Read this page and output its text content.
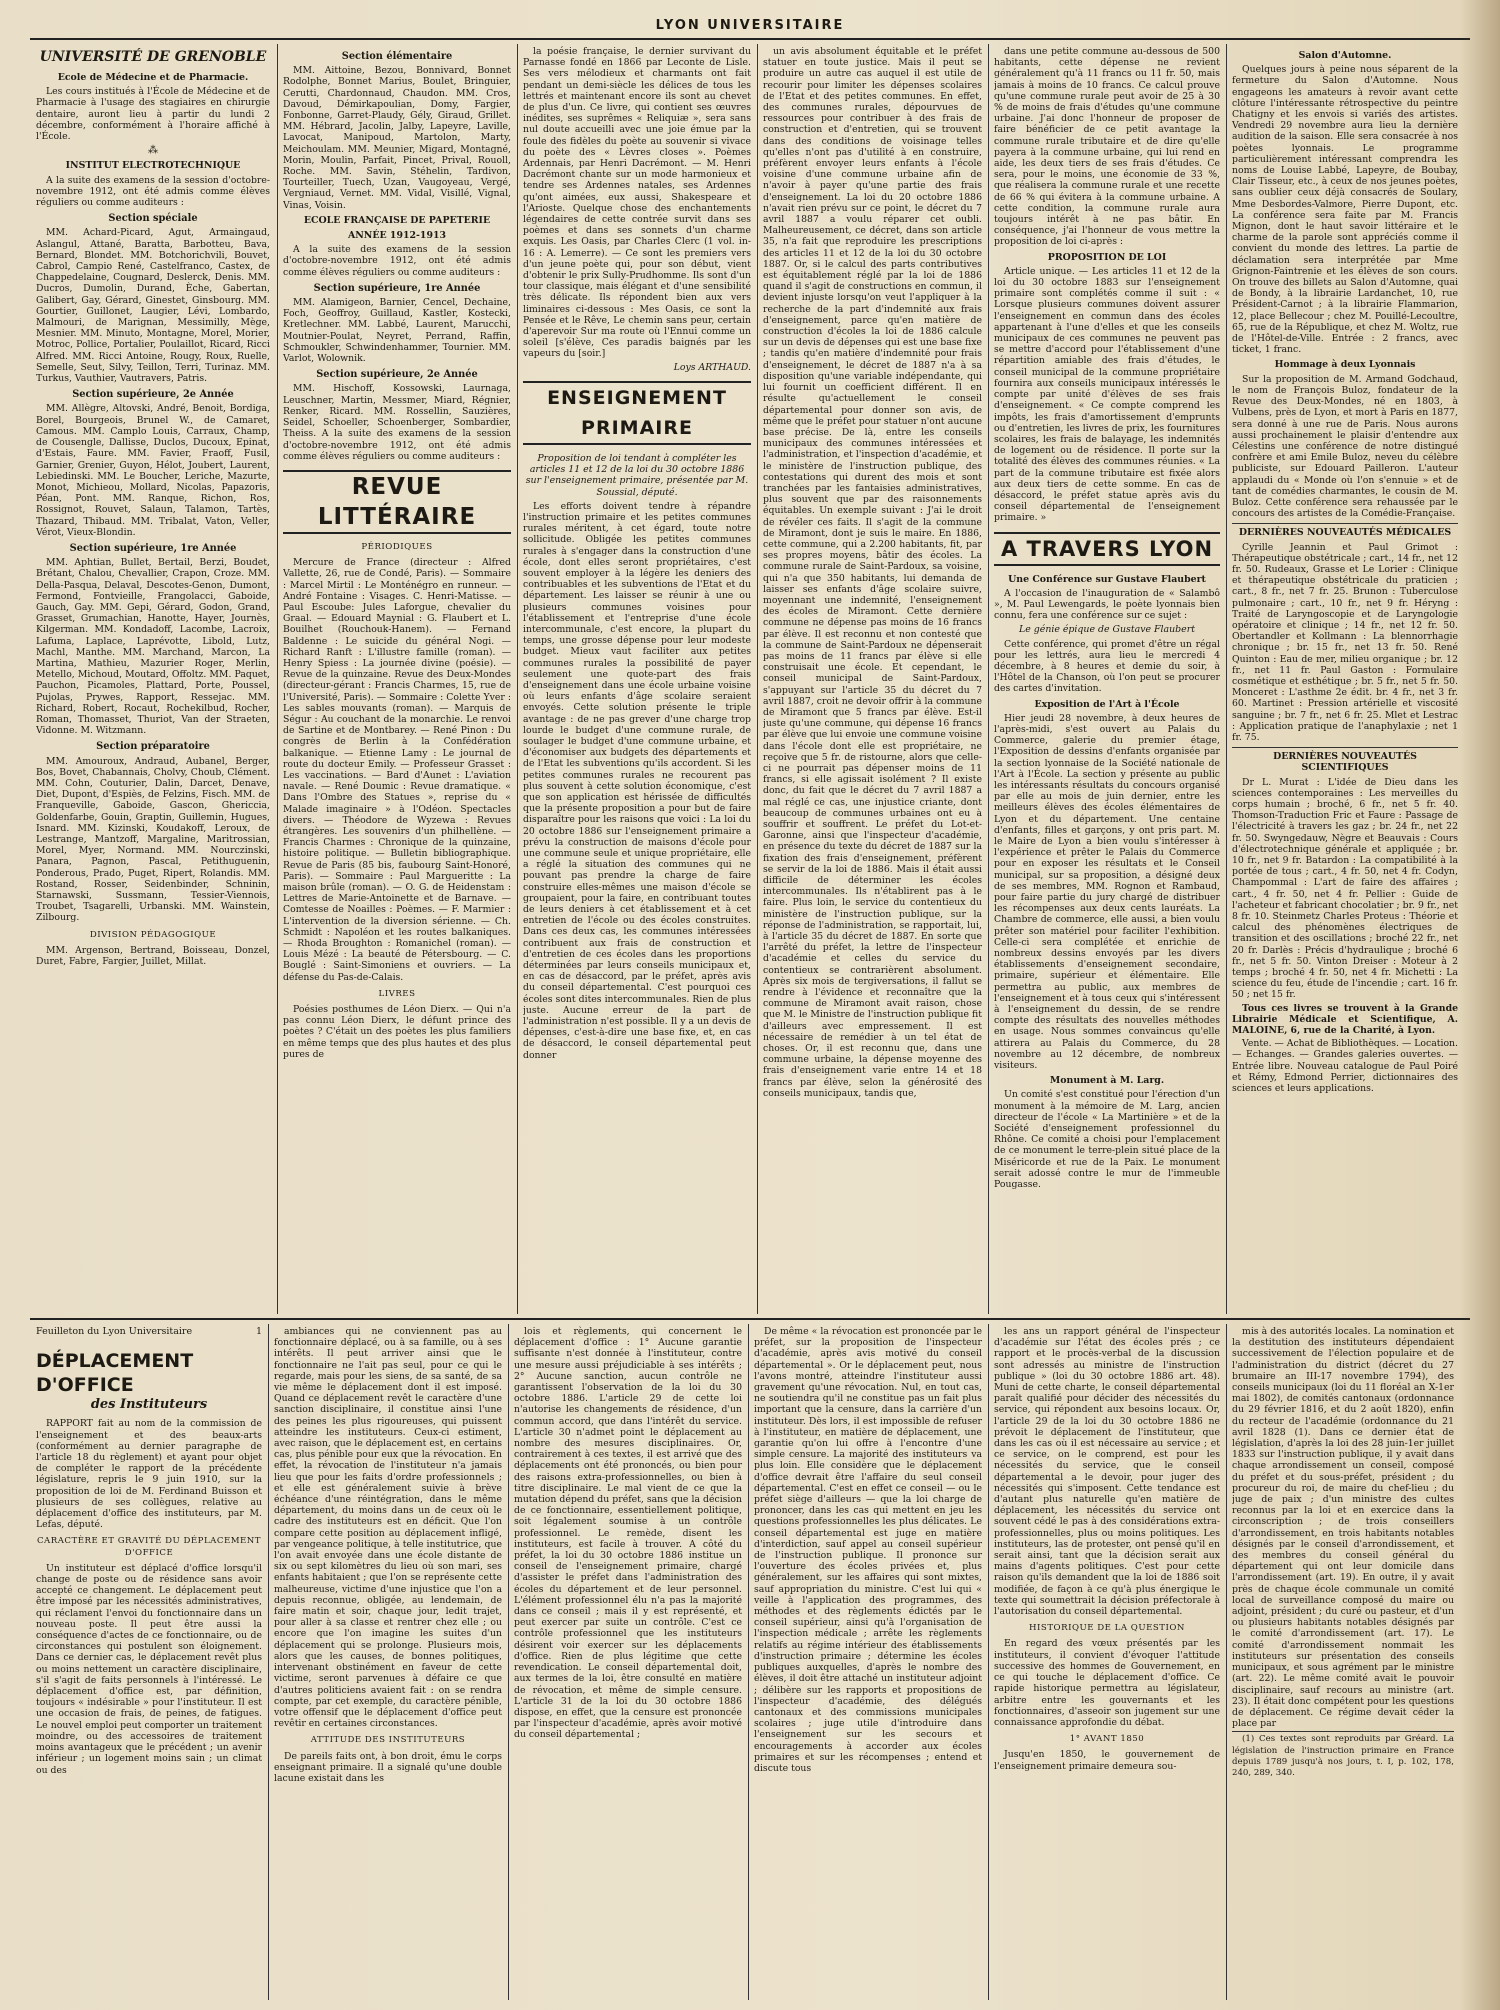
LYON UNIVERSITAIRE
UNIVERSITÉ DE GRENOBLE
Ecole de Médecine et de Pharmacie.

Les cours institués à l'École de Médecine et de Pharmacie à l'usage des stagiaires en chirurgie dentaire, auront lieu à partir du lundi 2 décembre, conformément à l'horaire affiché à l'École.

⁂
INSTITUT ELECTROTECHNIQUE

A la suite des examens de la session d'octobre-novembre 1912, ont été admis comme élèves réguliers ou comme auditeurs :

Section spéciale

MM. Achard-Picard, Agut, Armaingaud, Aslangul, Attané, Baratta, Barbotteu, Bava, Bernard, Blondet. MM. Botchorichvili, Bouvet, Cabrol, Campio René, Castelfranco, Castex, de Chappedelaine, Cougnard, Deslerck, Denis. MM. Ducros, Dumolin, Durand, Èche, Gabertan, Galibert, Gay, Gérard, Ginestet, Ginsbourg. MM. Gourtier, Guillonet, Laugier, Lévi, Lombardo, Malmouri, de Marignan, Messimilly, Mège, Mesnier. MM. Minuto, Montagne, Morel, Morier, Motroc, Pollice, Portalier, Poulaillot, Ricard, Ricci Alfred. MM. Ricci Antoine, Rougy, Roux, Ruelle, Semelle, Seut, Silvy, Teillon, Terri, Turinaz. MM. Turkus, Vauthier, Vautravers, Patris.

Section supérieure, 2e Année

MM. Allègre, Altovski, André, Benoit, Bordiga, Borel, Bourgeois, Brunel W., de Camaret, Camous. MM. Camplo Louis, Carraux, Champ, de Cousengle, Dallisse, Duclos, Ducoux, Epinat, d'Estais, Faure. MM. Favier, Fraoff, Fusil, Garnier, Grenier, Guyon, Hélot, Joubert, Laurent, Lebiedinski. MM. Le Boucher, Leriche, Mazurte, Monot, Michieou, Mollard, Nicolas, Papazoris, Péan, Pont. MM. Ranque, Richon, Ros, Rossignot, Rouvet, Salaun, Talamon, Tartès, Thazard, Thibaud. MM. Tribalat, Vaton, Veller, Vérot, Vieux-Blondin.

Section supérieure, 1re Année

MM. Aphtian, Bullet, Bertail, Berzi, Boudet, Brétant, Chalou, Chevallier, Crapon, Croze. MM. Della-Pasqua, Delaval, Descotes-Genon, Dumont, Fermond, Fontvieille, Frangolacci, Gaboide, Gauch, Gay. MM. Gepi, Gérard, Godon, Grand, Grasset, Grumachian, Hanotte, Hayer, Journès, Kilgerman. MM. Kondadoff, Lacombe, Lacroix, Lafuma, Laplace, Laprévotte, Libold, Lutz, Machl, Manthe. MM. Marchand, Marcon, La Martina, Mathieu, Mazurier Roger, Merlin, Metello, Michoud, Moutard, Offoltz. MM. Paquet, Pauchon, Picamoles, Plattard, Porte, Poussel, Pujolas, Prywes, Rapport, Ressejac. MM. Richard, Robert, Rocaut, Rochekilbud, Rocher, Roman, Thomasset, Thuriot, Van der Straeten, Vidonne. M. Witzmann.

Section préparatoire

MM. Amouroux, Andraud, Aubanel, Berger, Bos, Bovet, Chabannais, Cholvy, Choub, Clément. MM. Cohn, Couturier, Dalin, Darcet, Denave, Diet, Dupont, d'Espiès, de Felzins, Fisch. MM. de Franqueville, Gaboide, Gascon, Ghericcia, Goldenfarbe, Gouin, Graptin, Guillemin, Hugues, Isnard. MM. Kizinski, Koudakoff, Leroux, de Lestrange, Mantzoff, Margaline, Maritrossian, Morel, Myer, Normand. MM. Nourczinski, Panara, Pagnon, Pascal, Petithuguenin, Ponderous, Prado, Puget, Ripert, Rolandis. MM. Rostand, Rosser, Seidenbinder, Schninin, Starnawski, Sussmann, Tessier-Viennois, Troubet, Tsagarelli, Urbanski. MM. Wainstein, Zilbourg.

DIVISION PÉDAGOGIQUE

MM. Argenson, Bertrand, Boisseau, Donzel, Duret, Fabre, Fargier, Juillet, Millat.

Section élémentaire

MM. Aittoine, Bezou, Bonnivard, Bonnet Rodolphe, Bonnet Marius, Boulet, Bringuier, Cerutti, Chardonnaud, Chaudon. MM. Cros, Davoud, Démirkapoulian, Domy, Fargier, Fonbonne, Garret-Plaudy, Gély, Giraud, Grillet. MM. Hébrard, Jacolin, Jalby, Lapeyre, Laville, Lavocat, Manipoud, Martolon, Marty, Meichoulam. MM. Meunier, Migard, Montagné, Morin, Moulin, Parfait, Pincet, Prival, Rouoll, Roche. MM. Savin, Stéhelin, Tardivon, Tourteiller, Tuech, Uzan, Vaugoyeau, Vergé, Vergniaud, Vernet. MM. Vidal, Visillé, Vignal, Vinas, Voisin.

ECOLE FRANÇAISE DE PAPETERIE
ANNÉE 1912-1913

A la suite des examens de la session d'octobre-novembre 1912, ont été admis comme élèves réguliers ou comme auditeurs :

Section supérieure, 1re Année

MM. Alamigeon, Barnier, Cencel, Dechaine, Foch, Geoffroy, Guillaud, Kastler, Kostecki, Kretlechner. MM. Labbé, Laurent, Marucchi, Moutnier-Poulat, Neyret, Perrand, Raffin, Schmoukler, Schwindenhammer, Tournier. MM. Varlot, Wolownik.

Section supérieure, 2e Année

MM. Hischoff, Kossowski, Laurnaga, Leuschner, Martin, Messmer, Miard, Régnier, Renker, Ricard. MM. Rossellin, Sauzières, Seidel, Schoeller, Schoenberger, Sombardier, Theiss. A la suite des examens de la session d'octobre-novembre 1912, ont été admis comme élèves réguliers ou comme auditeurs :

REVUE LITTÉRAIRE
PÉRIODIQUES

Mercure de France (directeur : Alfred Vallette, 26, rue de Condé, Paris). — Sommaire : Marcel Mirtil : Le Monténégro en runneur. — André Fontaine : Visages. C. Henri-Matisse. — Paul Escoube: Jules Laforgue, chevalier du Graal. — Edouard Maynial : G. Flaubert et L. Bouilhet (Rouchouk-Hanem). — Fernand Baldenne : Le suicide du général Nogi. — Richard Ranft : L'illustre famille (roman). — Henry Spiess : La journée divine (poésie). — Revue de la quinzaine. Revue des Deux-Mondes (directeur-gérant : Francis Charmes, 15, rue de l'Université, Paris). — Sommaire : Colette Yver : Les sables mouvants (roman). — Marquis de Ségur : Au couchant de la monarchie. Le renvoi de Sartine et de Montbarey. — René Pinon : Du congrès de Berlin à la Confédération balkanique. — Etienne Lamy : Le journal de route du docteur Emily. — Professeur Grasset : Les vaccinations. — Bard d'Aunet : L'aviation navale. — René Doumic : Revue dramatique. « Dans l'Ombre des Statues », reprise du « Malade imaginaire » à l'Odéon. Spectacles divers. — Théodore de Wyzewa : Revues étrangères. Les souvenirs d'un philhellène. — Francis Charmes : Chronique de la quinzaine, histoire politique. — Bulletin bibliographique. Revue de Paris (85 bis, faubourg Saint-Honoré, Paris). — Sommaire : Paul Margueritte : La maison brûle (roman). — O. G. de Heidenstam : Lettres de Marie-Antoinette et de Barnave. — Comtesse de Noailles : Poèmes. — F. Marmier : L'intervention de la diversion sérienne. — Ch. Schmidt : Napoléon et les routes balkaniques. — Rhoda Broughton : Romanichel (roman). — Louis Mézé : La beauté de Pétersbourg. — C. Bouglé : Saint-Simoniens et ouvriers. — La défense du Pas-de-Calais.

LIVRES

Poésies posthumes de Léon Dierx. — Qui n'a pas connu Léon Dierx, le défunt prince des poètes ? C'était un des poètes les plus familiers en même temps que des plus hautes et des plus pures de

la poésie française, le dernier survivant du Parnasse fondé en 1866 par Leconte de Lisle. Ses vers mélodieux et charmants ont fait pendant un demi-siècle les délices de tous les lettrés et maintenant encore ils sont au chevet de plus d'un. Ce livre, qui contient ses œuvres inédites, ses suprêmes « Reliquiæ », sera sans nul doute accueilli avec une joie émue par la foule des fidèles du poète au souvenir si vivace du poète des « Lèvres closes ». Poèmes Ardennais, par Henri Dacrémont. — M. Henri Dacrémont chante sur un mode harmonieux et tendre ses Ardennes natales, ses Ardennes qu'ont aimées, eux aussi, Shakespeare et l'Arioste. Quelque chose des enchantements légendaires de cette contrée survit dans ses poèmes et dans ses sonnets d'un charme exquis. Les Oasis, par Charles Clerc (1 vol. in-16 : A. Lemerre). — Ce sont les premiers vers d'un jeune poète qui, pour son début, vient d'obtenir le prix Sully-Prudhomme. Ils sont d'un tour classique, mais élégant et d'une sensibilité très délicate. Ils répondent bien aux vers liminaires ci-dessous : Mes Oasis, ce sont la Pensée et le Rêve, Le chemin sans peur, certain d'aperevoir Sur ma route où l'Ennui comme un soleil [s'élève, Ces paradis baignés par les vapeurs du [soir.]

Loys ARTHAUD.
ENSEIGNEMENT PRIMAIRE
Proposition de loi tendant à compléter les articles 11 et 12 de la loi du 30 octobre 1886 sur l'enseignement primaire, présentée par M. Soussial, député.

Les efforts doivent tendre à répandre l'instruction primaire et les petites communes rurales méritent, à cet égard, toute notre sollicitude. Obligée les petites communes rurales à s'engager dans la construction d'une école, dont elles seront propriétaires, c'est souvent employer à la légère les deniers des contribuables et les subventions de l'Etat et du département. Les laisser se réunir à une ou plusieurs communes voisines pour l'établissement et l'entreprise d'une école intercommunale, c'est encore, la plupart du temps, une grosse dépense pour leur modeste budget. Mieux vaut faciliter aux petites communes rurales la possibilité de payer seulement une quote-part des frais d'enseignement dans une école urbaine voisine où leurs enfants d'âge scolaire seraient envoyés. Cette solution présente le triple avantage : de ne pas grever d'une charge trop lourde le budget d'une commune rurale, de soulager le budget d'une commune urbaine, et d'économiser aux budgets des départements et de l'Etat les subventions qu'ils accordent. Si les petites communes rurales ne recourent pas plus souvent à cette solution économique, c'est que son application est hérissée de difficultés que la présente proposition a pour but de faire disparaître pour les raisons que voici : La loi du 20 octobre 1886 sur l'enseignement primaire a prévu la construction de maisons d'école pour une commune seule et unique propriétaire, elle a réglé la situation des communes qui ne pouvant pas prendre la charge de faire construire elles-mêmes une maison d'école se groupaient, pour la faire, en contribuant toutes de leurs deniers à cet établissement et à cet entretien de l'école ou des écoles construites. Dans ces deux cas, les communes intéressées contribuent aux frais de construction et d'entretien de ces écoles dans les proportions déterminées par leurs conseils municipaux et, en cas de désaccord, par le préfet, après avis du conseil départemental. C'est pourquoi ces écoles sont dites intercommunales. Rien de plus juste. Aucune erreur de la part de l'administration n'est possible. Il y a un devis de dépenses, c'est-à-dire une base fixe, et, en cas de désaccord, le conseil départemental peut donner

un avis absolument équitable et le préfet statuer en toute justice. Mais il peut se produire un autre cas auquel il est utile de recourir pour limiter les dépenses scolaires de l'Etat et des petites communes. En effet, des communes rurales, dépourvues de ressources pour contribuer à des frais de construction et d'entretien, qui se trouvent dans des conditions de voisinage telles qu'elles n'ont pas d'utilité à en construire, préfèrent envoyer leurs enfants à l'école voisine d'une commune urbaine afin de n'avoir à payer qu'une partie des frais d'enseignement. La loi du 20 octobre 1886 n'avait rien prévu sur ce point, le décret du 7 avril 1887 a voulu réparer cet oubli. Malheureusement, ce décret, dans son article 35, n'a fait que reproduire les prescriptions des articles 11 et 12 de la loi du 30 octobre 1887. Or, si le calcul des parts contributives est équitablement réglé par la loi de 1886 quand il s'agit de constructions en commun, il devient injuste lorsqu'on veut l'appliquer à la recherche de la part d'indemnité aux frais d'enseignement, parce qu'en matière de construction d'écoles la loi de 1886 calcule sur un devis de dépenses qui est une base fixe ; tandis qu'en matière d'indemnité pour frais d'enseignement, le décret de 1887 n'a à sa disposition qu'une variable indépendante, qui lui fournit un coefficient différent. Il en résulte qu'actuellement le conseil départemental pour donner son avis, de même que le préfet pour statuer n'ont aucune base précise. De là, entre les conseils municipaux des communes intéressées et l'administration, et l'inspection d'académie, et le ministère de l'instruction publique, des contestations qui durent des mois et sont tranchées par les fantaisies administratives, plus souvent que par des raisonnements équitables. Un exemple suivant : J'ai le droit de révéler ces faits. Il s'agit de la commune de Miramont, dont je suis le maire. En 1886, cette commune, qui a 2.200 habitants, fit, par ses propres moyens, bâtir des écoles. La commune rurale de Saint-Pardoux, sa voisine, qui n'a que 350 habitants, lui demanda de laisser ses enfants d'âge scolaire suivre, moyennant une indemnité, l'enseignement des écoles de Miramont. Cette dernière commune ne dépense pas moins de 16 francs par élève. Il est reconnu et non contesté que la commune de Saint-Pardoux ne dépenserait pas moins de 11 francs par élève si elle construisait une école. Et cependant, le conseil municipal de Saint-Pardoux, s'appuyant sur l'article 35 du décret du 7 avril 1887, croit ne devoir offrir à la commune de Miramont que 5 francs par élève. Est-il juste qu'une commune, qui dépense 16 francs par élève que lui envoie une commune voisine dans l'école dont elle est propriétaire, ne reçoive que 5 fr. de ristourne, alors que celle-ci ne pourrait pas dépenser moins de 11 francs, si elle agissait isolément ? Il existe donc, du fait que le décret du 7 avril 1887 a mal réglé ce cas, une injustice criante, dont beaucoup de communes urbaines ont eu à souffrir et souffrent. Le préfet du Lot-et-Garonne, ainsi que l'inspecteur d'académie, en présence du texte du décret de 1887 sur la fixation des frais d'enseignement, préfèrent se servir de la loi de 1886. Mais il était aussi difficile de déterminer les écoles intercommunales. Ils n'établirent pas à le faire. Plus loin, le service du contentieux du ministère de l'instruction publique, sur la réponse de l'administration, se rapportait, lui, à l'article 35 du décret de 1887. En sorte que l'arrêté du préfet, la lettre de l'inspecteur d'académie et celles du service du contentieux se contrarièrent absolument. Après six mois de tergiversations, il fallut se rendre à l'évidence et reconnaître que la commune de Miramont avait raison, chose que M. le Ministre de l'instruction publique fit d'ailleurs avec empressement. Il est nécessaire de remédier à un tel état de choses. Or, il est reconnu que, dans une commune urbaine, la dépense moyenne des frais d'enseignement varie entre 14 et 18 francs par élève, selon la générosité des conseils municipaux, tandis que,

dans une petite commune au-dessous de 500 habitants, cette dépense ne revient généralement qu'à 11 francs ou 11 fr. 50, mais jamais à moins de 10 francs. Ce calcul prouve qu'une commune rurale peut avoir de 25 à 30 % de moins de frais d'études qu'une commune urbaine. J'ai donc l'honneur de proposer de faire bénéficier de ce petit avantage la commune rurale tributaire et de dire qu'elle payera à la commune urbaine, qui lui rend en aide, les deux tiers de ses frais d'études. Ce sera, pour le moins, une économie de 33 %, que réalisera la commune rurale et une recette de 66 % qui évitera à la commune urbaine. A cette condition, la commune rurale aura toujours intérêt à ne pas bâtir. En conséquence, j'ai l'honneur de vous mettre la proposition de loi ci-après :

PROPOSITION DE LOI

Article unique. — Les articles 11 et 12 de la loi du 30 octobre 1883 sur l'enseignement primaire sont complétés comme il suit : « Lorsque plusieurs communes doivent assurer l'enseignement en commun dans des écoles appartenant à l'une d'elles et que les conseils municipaux de ces communes ne peuvent pas se mettre d'accord pour l'établissement d'une répartition amiable des frais d'études, le conseil municipal de la commune propriétaire fournira aux conseils municipaux intéressés le compte par unité d'élèves de ses frais d'enseignement. « Ce compte comprend les impôts, les frais d'amortissement d'emprunts ou d'entretien, les livres de prix, les fournitures scolaires, les frais de balayage, les indemnités de logement ou de résidence. Il porte sur la totalité des élèves des communes réunies. « La part de la commune tributaire est fixée alors aux deux tiers de cette somme. En cas de désaccord, le préfet statue après avis du conseil départemental de l'enseignement primaire. »

A TRAVERS LYON
Une Conférence sur Gustave Flaubert

A l'occasion de l'inauguration de « Salambô », M. Paul Lewengards, le poète lyonnais bien connu, fera une conférence sur ce sujet :

Le génie épique de Gustave Flaubert

Cette conférence, qui promet d'être un régal pour les lettrés, aura lieu le mercredi 4 décembre, à 8 heures et demie du soir, à l'Hôtel de la Chanson, où l'on peut se procurer des cartes d'invitation.

Exposition de l'Art à l'École

Hier jeudi 28 novembre, à deux heures de l'après-midi, s'est ouvert au Palais du Commerce, galerie du premier étage, l'Exposition de dessins d'enfants organisée par la section lyonnaise de la Société nationale de l'Art à l'École. La section y présente au public les intéressants résultats du concours organisé par elle au mois de juin dernier, entre les meilleurs élèves des écoles élémentaires de Lyon et du département. Une centaine d'enfants, filles et garçons, y ont pris part. M. le Maire de Lyon a bien voulu s'intéresser à l'expérience et prêter le Palais du Commerce pour en exposer les résultats et le Conseil municipal, sur sa proposition, a désigné deux de ses membres, MM. Rognon et Rambaud, pour faire partie du jury chargé de distribuer les récompenses aux deux cents lauréats. La Chambre de commerce, elle aussi, a bien voulu prêter son matériel pour faciliter l'exhibition. Celle-ci sera complétée et enrichie de nombreux dessins envoyés par les divers établissements d'enseignement secondaire, primaire, supérieur et élémentaire. Elle permettra au public, aux membres de l'enseignement et à tous ceux qui s'intéressent à l'enseignement du dessin, de se rendre compte des résultats des nouvelles méthodes en usage. Nous sommes convaincus qu'elle attirera au Palais du Commerce, du 28 novembre au 12 décembre, de nombreux visiteurs.

Monument à M. Larg.

Un comité s'est constitué pour l'érection d'un monument à la mémoire de M. Larg, ancien directeur de l'école « La Martinière » et de la Société d'enseignement professionnel du Rhône. Ce comité a choisi pour l'emplacement de ce monument le terre-plein situé place de la Miséricorde et rue de la Paix. Le monument serait adossé contre le mur de l'immeuble Pougasse.

Salon d'Automne.

Quelques jours à peine nous séparent de la fermeture du Salon d'Automne. Nous engageons les amateurs à revoir avant cette clôture l'intéressante rétrospective du peintre Chatigny et les envois si variés des artistes. Vendredi 29 novembre aura lieu la dernière audition de la saison. Elle sera consacrée à nos poètes lyonnais. Le programme particulièrement intéressant comprendra les noms de Louise Labbé, Lapeyre, de Boubay, Clair Tisseur, etc., à ceux de nos jeunes poètes, sans oublier ceux déjà consacrés de Soulary, Mme Desbordes-Valmore, Pierre Dupont, etc. La conférence sera faite par M. Francis Mignon, dont le haut savoir littéraire et le charme de la parole sont appréciés comme il convient du monde des lettres. La partie de déclamation sera interprétée par Mme Grignon-Faintrenie et les élèves de son cours. On trouve des billets au Salon d'Automne, quai de Bondy, à la librairie Lardanchet, 10, rue Président-Carnot ; à la librairie Flammarion, 12, place Bellecour ; chez M. Pouillé-Lecoultre, 65, rue de la République, et chez M. Woltz, rue de l'Hôtel-de-Ville. Entrée : 2 francs, avec ticket, 1 franc.

Hommage à deux Lyonnais

Sur la proposition de M. Armand Godchaud, le nom de François Buloz, fondateur de la Revue des Deux-Mondes, né en 1803, à Vulbens, près de Lyon, et mort à Paris en 1877, sera donné à une rue de Paris. Nous aurons aussi prochainement le plaisir d'entendre aux Célestins une conférence de notre distingué confrère et ami Emile Buloz, neveu du célèbre publiciste, sur Edouard Pailleron. L'auteur applaudi du « Monde où l'on s'ennuie » et de tant de comédies charmantes, le cousin de M. Buloz. Cette conférence sera rehaussée par le concours des artistes de la Comédie-Française.

DERNIÈRES NOUVEAUTÉS MÉDICALES

Cyrille Jeannin et Paul Grimot : Thérapeutique obstétricale ; cart., 14 fr., net 12 fr. 50. Rudeaux, Grasse et Le Lorier : Clinique et thérapeutique obstétricale du praticien ; cart., 8 fr., net 7 fr. 25. Brunon : Tuberculose pulmonaire ; cart., 10 fr., net 9 fr. Héryng : Traité de Laryngoscopie et de Laryngologie opératoire et clinique ; 14 fr., net 12 fr. 50. Obertandler et Kollmann : La blennorrhagie chronique ; br. 15 fr., net 13 fr. 50. René Quinton : Eau de mer, milieu organique ; br. 12 fr., net 11 fr. Paul Gaston : Formulaire cosmétique et esthétique ; br. 5 fr., net 5 fr. 50. Monceret : L'asthme 2e édit. br. 4 fr., net 3 fr. 60. Martinet : Pression artérielle et viscosité sanguine ; br. 7 fr., net 6 fr. 25. Mlet et Lestrac : Application pratique de l'anaphylaxie ; net 1 fr. 75.

DERNIÈRES NOUVEAUTÉS SCIENTIFIQUES

Dr L. Murat : L'idée de Dieu dans les sciences contemporaines : Les merveilles du corps humain ; broché, 6 fr., net 5 fr. 40. Thomson-Traduction Fric et Faure : Passage de l'électricité à travers les gaz ; br. 24 fr., net 22 fr. 50. Swyngedauw, Nègre et Beauvais : Cours d'électrotechnique générale et appliquée ; br. 10 fr., net 9 fr. Batardon : La compatibilité à la portée de tous ; cart., 4 fr. 50, net 4 fr. Codyn, Champommal : L'art de faire des affaires ; cart., 4 fr. 50, net 4 fr. Pellier : Guide de l'acheteur et fabricant chocolatier ; br. 9 fr., net 8 fr. 10. Steinmetz Charles Proteus : Théorie et calcul des phénomènes électriques de transition et des oscillations ; broché 22 fr., net 20 fr. Darlès : Précis d'hydraulique ; broché 6 fr., net 5 fr. 50. Vinton Dreiser : Moteur à 2 temps ; broché 4 fr. 50, net 4 fr. Michetti : La science du feu, étude de l'incendie ; cart. 16 fr. 50 ; net 15 fr.

Tous ces livres se trouvent à la Grande Librairie Médicale et Scientifique, A. MALOINE, 6, rue de la Charité, à Lyon.

Vente. — Achat de Bibliothèques. — Location. — Echanges. — Grandes galeries ouvertes. — Entrée libre. Nouveau catalogue de Paul Poiré et Rémy, Edmond Perrier, dictionnaires des sciences et leurs applications.

Feuilleton du Lyon Universitaire	1
DÉPLACEMENT D'OFFICE
des Instituteurs

RAPPORT fait au nom de la commission de l'enseignement et des beaux-arts (conformément au dernier paragraphe de l'article 18 du règlement) et ayant pour objet de compléter le rapport de la précédente législature, repris le 9 juin 1910, sur la proposition de loi de M. Ferdinand Buisson et plusieurs de ses collègues, relative au déplacement d'office des instituteurs, par M. Lefas, député.

CARACTÈRE ET GRAVITÉ DU DÉPLACEMENT D'OFFICE

Un instituteur est déplacé d'office lorsqu'il change de poste ou de résidence sans avoir accepté ce changement. Le déplacement peut être imposé par les nécessités administratives, qui réclament l'envoi du fonctionnaire dans un nouveau poste. Il peut être aussi la conséquence d'actes de ce fonctionnaire, ou de circonstances qui postulent son éloignement. Dans ce dernier cas, le déplacement revêt plus ou moins nettement un caractère disciplinaire, s'il s'agit de faits personnels à l'intéressé. Le déplacement d'office est, par définition, toujours « indésirable » pour l'instituteur. Il est une occasion de frais, de peines, de fatigues. Le nouvel emploi peut comporter un traitement moindre, ou des accessoires de traitement moins avantageux que le précédent ; un avenir inférieur ; un logement moins sain ; un climat ou des

ambiances qui ne conviennent pas au fonctionnaire déplacé, ou à sa famille, ou à ses intérêts. Il peut arriver ainsi que le fonctionnaire ne l'ait pas seul, pour ce qui le regarde, mais pour les siens, de sa santé, de sa vie même le déplacement dont il est imposé. Quand ce déplacement revêt le caractère d'une sanction disciplinaire, il constitue ainsi l'une des peines les plus rigoureuses, qui puissent atteindre les instituteurs. Ceux-ci estiment, avec raison, que le déplacement est, en certains cas, plus pénible pour eux que la révocation. En effet, la révocation de l'instituteur n'a jamais lieu que pour les faits d'ordre professionnels ; et elle est généralement suivie à brève échéance d'une réintégration, dans le même département, du moins dans un de ceux où le cadre des instituteurs est en déficit. Que l'on compare cette position au déplacement infligé, par vengeance politique, à telle institutrice, que l'on avait envoyée dans une école distante de six ou sept kilomètres du lieu où son mari, ses enfants habitaient ; que l'on se représente cette malheureuse, victime d'une injustice que l'on a depuis reconnue, obligée, au lendemain, de faire matin et soir, chaque jour, ledit trajet, pour aller à sa classe et rentrer chez elle ; ou encore que l'on imagine les suites d'un déplacement qui se prolonge. Plusieurs mois, alors que les causes, de bonnes politiques, intervenant obstinément en faveur de cette victime, seront parvenues à défaire ce que d'autres politiciens avaient fait : on se rendra compte, par cet exemple, du caractère pénible, votre offensif que le déplacement d'office peut revêtir en certaines circonstances.

ATTITUDE DES INSTITUTEURS

De pareils faits ont, à bon droit, ému le corps enseignant primaire. Il a signalé qu'une double lacune existait dans les

lois et règlements, qui concernent le déplacement d'office : 1° Aucune garantie suffisante n'est donnée à l'instituteur, contre une mesure aussi préjudiciable à ses intérêts ; 2° Aucune sanction, aucun contrôle ne garantissent l'observation de la loi du 30 octobre 1886. L'article 29 de cette loi n'autorise les changements de résidence, d'un commun accord, que dans l'intérêt du service. L'article 30 n'admet point le déplacement au nombre des mesures disciplinaires. Or, contrairement à ces textes, il est arrivé que des déplacements ont été prononcés, ou bien pour des raisons extra-professionnelles, ou bien à titre disciplinaire. Le mal vient de ce que la mutation dépend du préfet, sans que la décision de ce fonctionnaire, essentiellement politique, soit légalement soumise à un contrôle professionnel. Le remède, disent les instituteurs, est facile à trouver. A côté du préfet, la loi du 30 octobre 1886 institue un conseil de l'enseignement primaire, chargé d'assister le préfet dans l'administration des écoles du département et de leur personnel. L'élément professionnel élu n'a pas la majorité dans ce conseil ; mais il y est représenté, et peut exercer par suite un contrôle. C'est ce contrôle professionnel que les instituteurs désirent voir exercer sur les déplacements d'office. Rien de plus légitime que cette revendication. Le conseil départemental doit, aux termes de la loi, être consulté en matière de révocation, et même de simple censure. L'article 31 de la loi du 30 octobre 1886 dispose, en effet, que la censure est prononcée par l'inspecteur d'académie, après avoir motivé du conseil départemental ;

De même « la révocation est prononcée par le préfet, sur la proposition de l'inspecteur d'académie, après avis motivé du conseil départemental ». Or le déplacement peut, nous l'avons montré, atteindre l'instituteur aussi gravement qu'une révocation. Nul, en tout cas, ne soutiendra qu'il ne constitue pas un fait plus important que la censure, dans la carrière d'un instituteur. Dès lors, il est impossible de refuser à l'instituteur, en matière de déplacement, une garantie qu'on lui offre à l'encontre d'une simple censure. La majorité des instituteurs va plus loin. Elle considère que le déplacement d'office devrait être l'affaire du seul conseil départemental. C'est en effet ce conseil — ou le préfet siège d'ailleurs — que la loi charge de prononcer, dans les cas qui mettent en jeu les questions professionnelles les plus délicates. Le conseil départemental est juge en matière d'interdiction, sauf appel au conseil supérieur de l'instruction publique. Il prononce sur l'ouverture des écoles privées et, plus généralement, sur les affaires qui sont mixtes, sauf appropriation du ministre. C'est lui qui « veille à l'application des programmes, des méthodes et des règlements édictés par le conseil supérieur, ainsi qu'à l'organisation de l'inspection médicale ; arrête les règlements relatifs au régime intérieur des établissements d'instruction primaire ; détermine les écoles publiques auxquelles, d'après le nombre des élèves, il doit être attaché un instituteur adjoint ; délibère sur les rapports et propositions de l'inspecteur d'académie, des délégués cantonaux et des commissions municipales scolaires ; juge utile d'introduire dans l'enseignement sur les secours et encouragements à accorder aux écoles primaires et sur les récompenses ; entend et discute tous

les ans un rapport général de l'inspecteur d'académie sur l'état des écoles prés ; ce rapport et le procès-verbal de la discussion sont adressés au ministre de l'instruction publique » (loi du 30 octobre 1886 art. 48). Muni de cette charte, le conseil départemental paraît qualifié pour décider des nécessités du service, qui répondent aux besoins locaux. Or, l'article 29 de la loi du 30 octobre 1886 ne prévoit le déplacement de l'instituteur, que dans les cas où il est nécessaire au service ; et ce service, on le comprend, est pour les nécessités du service, que le conseil départemental a le devoir, pour juger des nécessités qui s'imposent. Cette tendance est d'autant plus naturelle qu'en matière de déplacement, les nécessités du service ont souvent cédé le pas à des considérations extra-professionnelles, plus ou moins politiques. Les instituteurs, las de protester, ont pensé qu'il en serait ainsi, tant que la décision serait aux mains d'agents politiques. C'est pour cette raison qu'ils demandent que la loi de 1886 soit modifiée, de façon à ce qu'à plus énergique le texte qui soumettrait la décision préfectorale à l'autorisation du conseil départemental.

HISTORIQUE DE LA QUESTION

En regard des vœux présentés par les instituteurs, il convient d'évoquer l'attitude successive des hommes de Gouvernement, en ce qui touche le déplacement d'office. Ce rapide historique permettra au législateur, arbitre entre les gouvernants et les fonctionnaires, d'asseoir son jugement sur une connaissance approfondie du débat.

1° AVANT 1850

Jusqu'en 1850, le gouvernement de l'enseignement primaire demeura sou-

mis à des autorités locales. La nomination et la destitution des instituteurs dépendaient successivement de l'élection populaire et de l'administration du district (décret du 27 brumaire an III-17 novembre 1794), des conseils municipaux (loi du 11 floréal an X-1er mai 1802), de comités cantonaux (ordonnance du 29 février 1816, et du 2 août 1820), enfin du recteur de l'académie (ordonnance du 21 avril 1828 (1). Dans ce dernier état de législation, d'après la loi des 28 juin-1er juillet 1833 sur l'instruction publique, il y avait dans chaque arrondissement un conseil, composé du préfet et du sous-préfet, président ; du procureur du roi, de maire du chef-lieu ; du juge de paix ; d'un ministre des cultes reconnus par la loi et en exercice dans la circonscription ; de trois conseillers d'arrondissement, en trois habitants notables désignés par le conseil d'arrondissement, et des membres du conseil général du département qui ont leur domicile dans l'arrondissement (art. 19). En outre, il y avait près de chaque école communale un comité local de surveillance composé du maire ou adjoint, président ; du curé ou pasteur, et d'un ou plusieurs habitants notables désignés par le comité d'arrondissement (art. 17). Le comité d'arrondissement nommait les instituteurs sur présentation des conseils municipaux, et sous agrément par le ministre (art. 22). Le même comité avait le pouvoir disciplinaire, sauf recours au ministre (art. 23). Il était donc compétent pour les questions de déplacement. Ce régime devait céder la place par

(1) Ces textes sont reproduits par Gréard. La législation de l'instruction primaire en France depuis 1789 jusqu'à nos jours, t. I, p. 102, 178, 240, 289, 340.
